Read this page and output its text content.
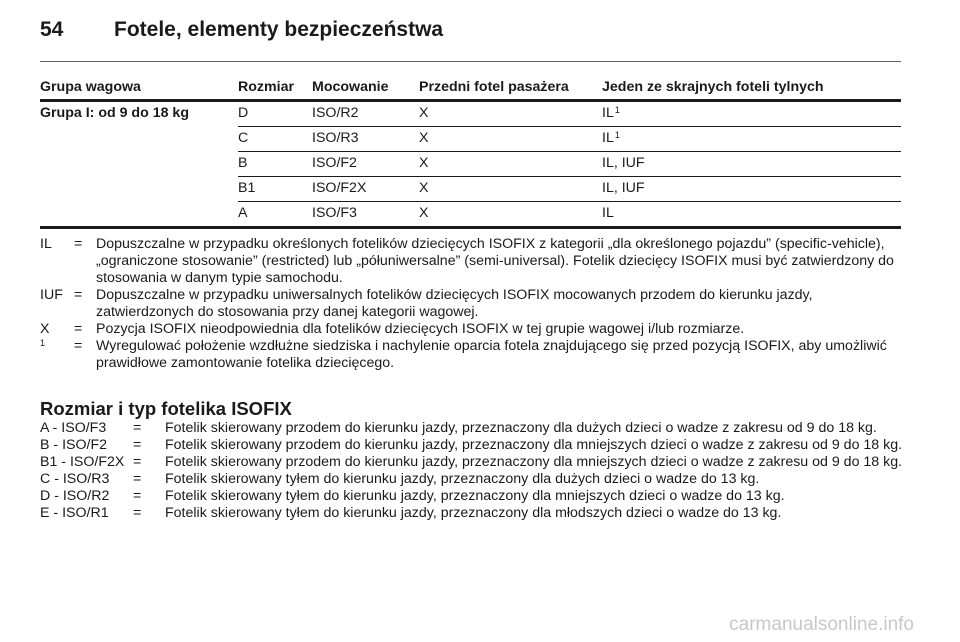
54 Fotele, elementy bezpieczeństwa
Grupa wagowa	Rozmiar	Mocowanie	Przedni fotel pasażera	Jeden ze skrajnych foteli tylnych
Grupa I: od 9 do 18 kg	D	ISO/R2	X	$IL^1$
	C	ISO/R3	X	$IL^1$
	B	ISO/F2	X	IL, IUF
	B1	ISO/F2X	X	IL, IUF
	A	ISO/F3	X	IL
IL	= Dopuszczalne w przypadku określonych fotelików dziecięcych ISOFIX z kategorii „dla określonego pojazdu” (specific-vehicle), „ograniczone stosowanie” (restricted) lub „półuniwersalne” (semi-universal). Fotelik dziecięcy ISOFIX musi być zatwierdzony do stosowania w danym typie samochodu.
IUF = Dopuszczalne w przypadku uniwersalnych fotelików dziecięcych ISOFIX mocowanych przodem do kierunku jazdy, zatwierdzonych do stosowania przy danej kategorii wagowej.
X	= Pozycja ISOFIX nieodpowiednia dla fotelików dziecięcych ISOFIX w tej grupie wagowej i/lub rozmiarze.
$^1$	= Wyregulować położenie wzdłużne siedziska i nachylenie oparcia fotela znajdującego się przed pozycją ISOFIX, aby umożliwić prawidłowe zamontowanie fotelika dziecięcego.
Rozmiar i typ fotelika ISOFIX
A - ISO/F3	=	Fotelik skierowany przodem do kierunku jazdy, przeznaczony dla dużych dzieci o wadze z zakresu od 9 do 18 kg.
B - ISO/F2	=	Fotelik skierowany przodem do kierunku jazdy, przeznaczony dla mniejszych dzieci o wadze z zakresu od 9 do 18 kg.
B1 - ISO/F2X =	Fotelik skierowany przodem do kierunku jazdy, przeznaczony dla mniejszych dzieci o wadze z zakresu od 9 do 18 kg.
C - ISO/R3	=	Fotelik skierowany tyłem do kierunku jazdy, przeznaczony dla dużych dzieci o wadze do 13 kg.
D - ISO/R2	=	Fotelik skierowany tyłem do kierunku jazdy, przeznaczony dla mniejszych dzieci o wadze do 13 kg.
E - ISO/R1	=	Fotelik skierowany tyłem do kierunku jazdy, przeznaczony dla młodszych dzieci o wadze do 13 kg.
carmanualsonline.info
